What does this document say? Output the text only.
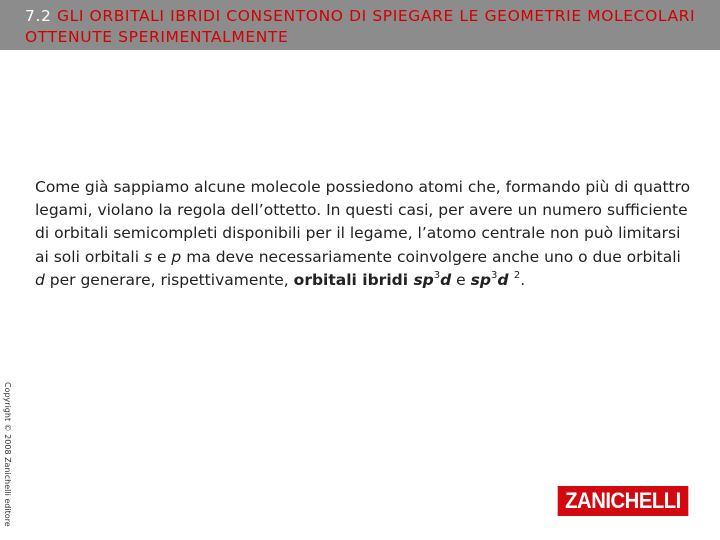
7.2 GLI ORBITALI IBRIDI CONSENTONO DI SPIEGARE LE GEOMETRIE MOLECOLARI OTTENUTE SPERIMENTALMENTE

Come già sappiamo alcune molecole possiedono atomi che, formando più di quattro legami, violano la regola dell’ottetto. In questi casi, per avere un numero sufficiente di orbitali semicompleti disponibili per il legame, l’atomo centrale non può limitarsi ai soli orbitali s e p ma deve necessariamente coinvolgere anche uno o due orbitali d per generare, rispettivamente, orbitali ibridi $sp^3d$ e $sp^3d$ $^2$.

Copyright © 2008 Zanichelli editore	ZANICHELLI
